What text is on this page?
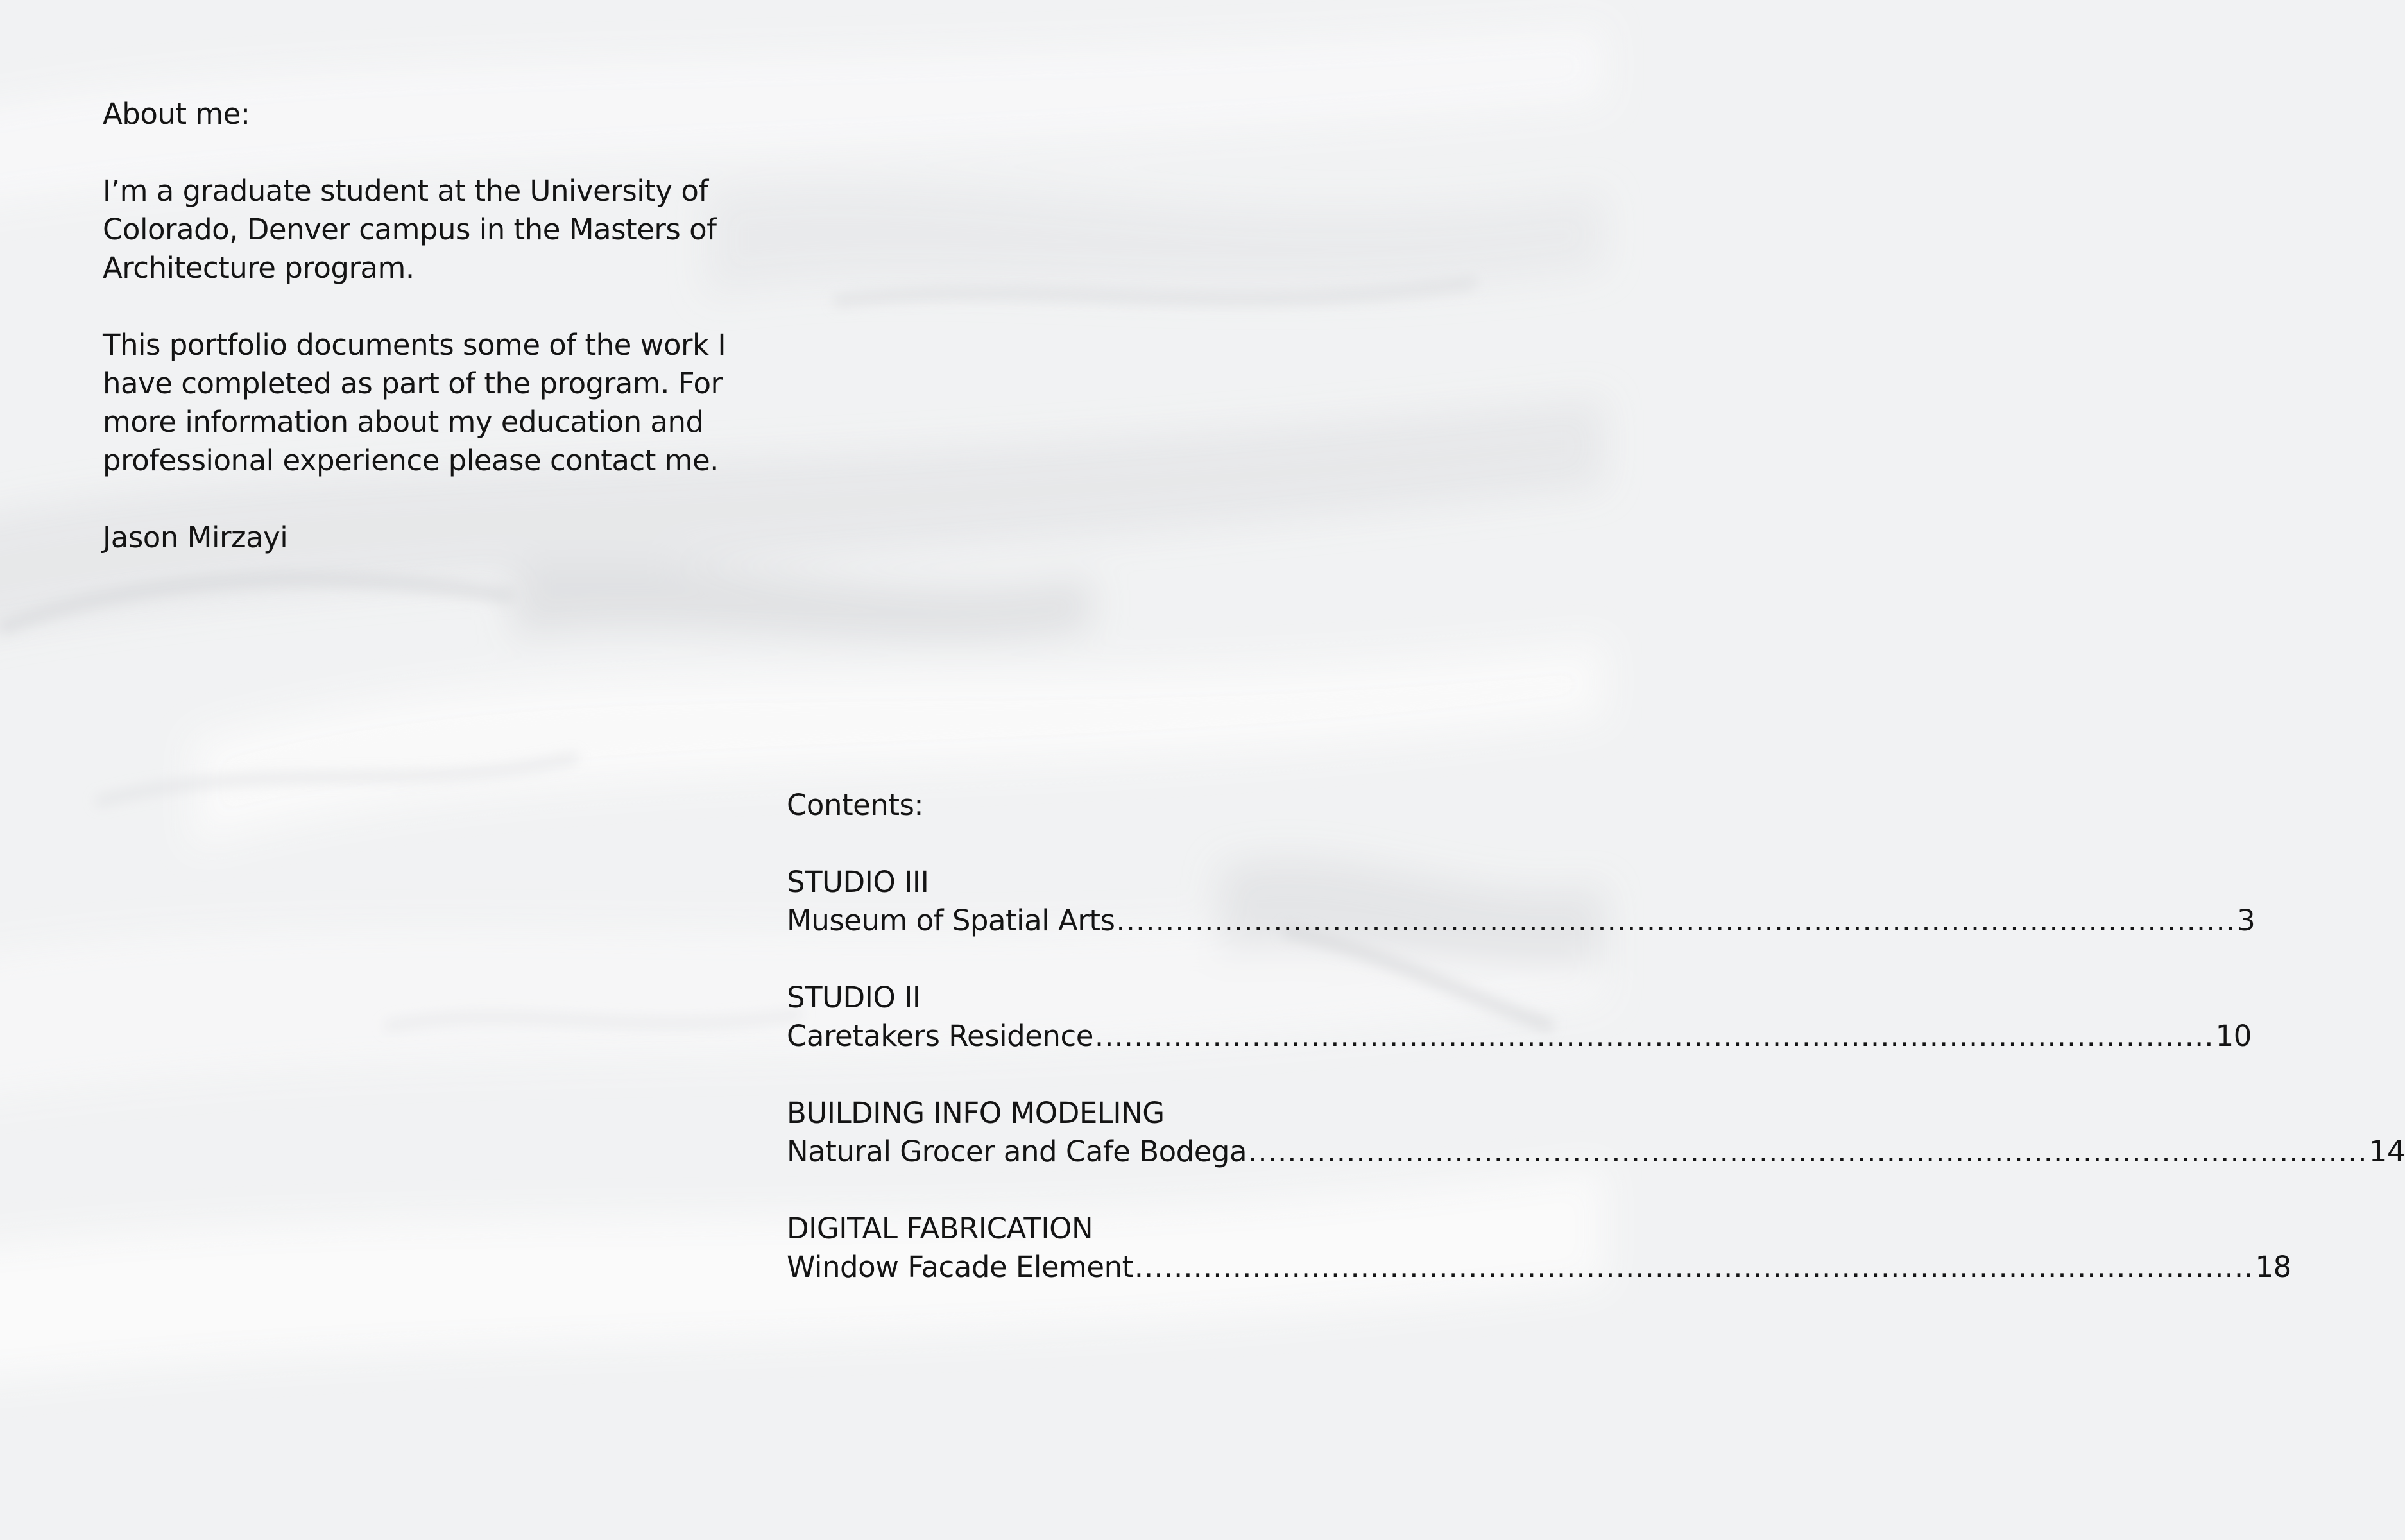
About me:

I’m a graduate student at the University of Colorado, Denver campus in the Masters of Architecture program.

This portfolio documents some of the work I have completed as part of the program. For more information about my education and professional experience please contact me.

Jason Mirzayi

Contents:
STUDIO III
Museum of Spatial Arts .................................................................................................................. 3
STUDIO II
Caretakers Residence .................................................................................................................. 10
BUILDING INFO MODELING
Natural Grocer and Cafe Bodega .................................................................................................................. 14
DIGITAL FABRICATION
Window Facade Element .................................................................................................................. 18
